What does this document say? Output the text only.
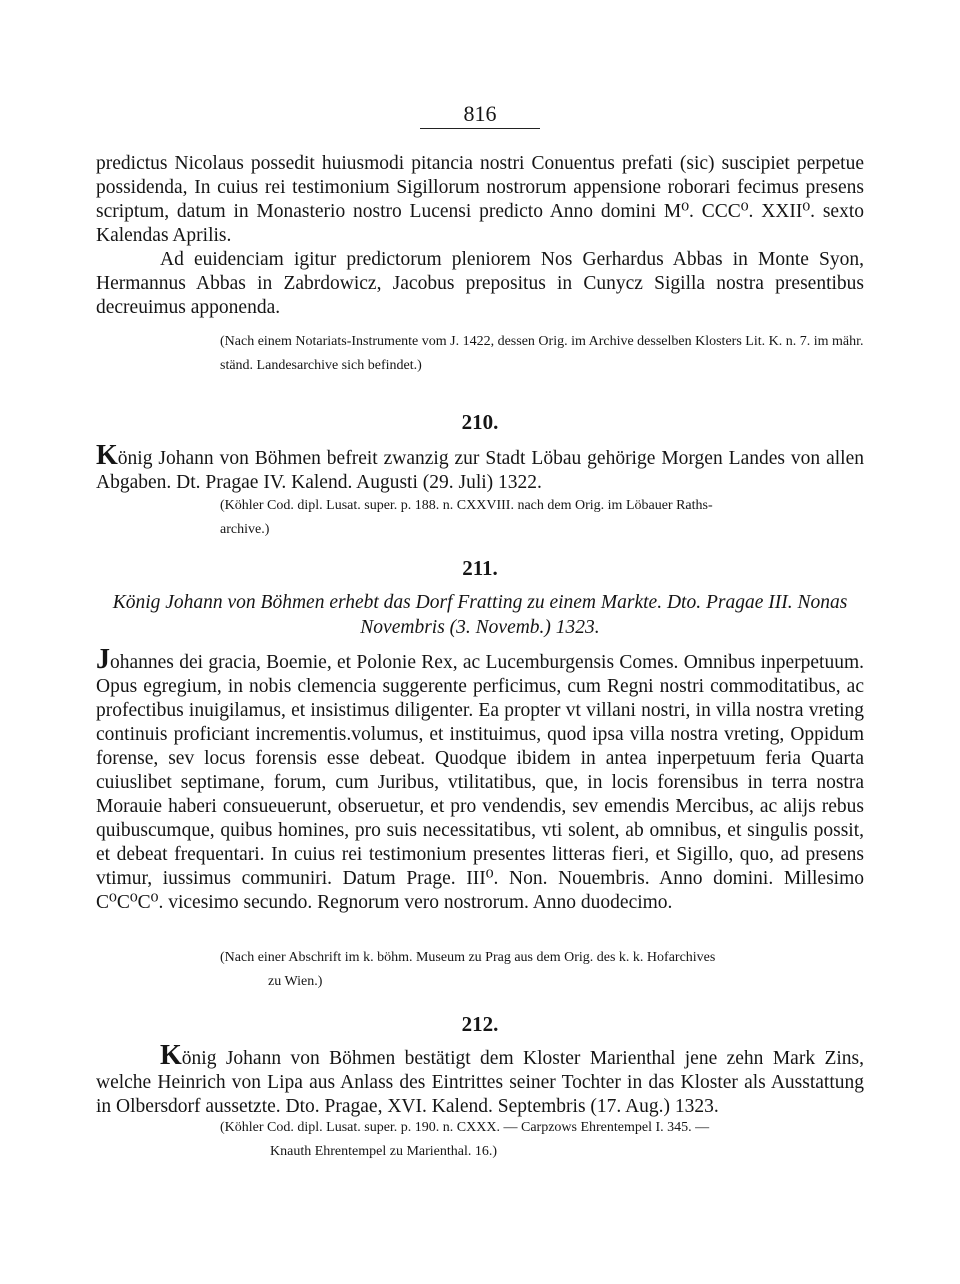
816

predictus Nicolaus possedit huiusmodi pitancia nostri Conuentus prefati (sic) suscipiet perpetue possidenda, In cuius rei testimonium Sigillorum nostrorum appensione roborari fecimus presens scriptum, datum in Monasterio nostro Lucensi predicto Anno domini M⁰. CCC⁰. XXII⁰. sexto Kalendas Aprilis.

Ad euidenciam igitur predictorum pleniorem Nos Gerhardus Abbas in Monte Syon, Hermannus Abbas in Zabrdowicz, Jacobus prepositus in Cunycz Sigilla nostra presentibus decreuimus apponenda.

(Nach einem Notariats-Instrumente vom J. 1422, dessen Orig. im Archive desselben Klosters Lit. K. n. 7. im mähr. ständ. Landesarchive sich befindet.)
210.
König Johann von Böhmen befreit zwanzig zur Stadt Löbau gehörige Morgen Landes von allen Abgaben. Dt. Pragae IV. Kalend. Augusti (29. Juli) 1322.
(Köhler Cod. dipl. Lusat. super. p. 188. n. CXXVIII. nach dem Orig. im Löbauer Raths-
archive.)
211.
König Johann von Böhmen erhebt das Dorf Fratting zu einem Markte. Dto. Pragae III. Nonas Novembris (3. Novemb.) 1323.

Johannes dei gracia, Boemie, et Polonie Rex, ac Lucemburgensis Comes. Omnibus inperpetuum. Opus egregium, in nobis clemencia suggerente perficimus, cum Regni nostri commoditatibus, ac profectibus inuigilamus, et insistimus diligenter. Ea propter vt villani nostri, in villa nostra vreting continuis proficiant incrementis.volumus, et instituimus, quod ipsa villa nostra vreting, Oppidum forense, sev locus forensis esse debeat. Quodque ibidem in antea inperpetuum feria Quarta cuiuslibet septimane, forum, cum Juribus, vtilitatibus, que, in locis forensibus in terra nostra Morauie haberi consueuerunt, obseruetur, et pro vendendis, sev emendis Mercibus, ac alijs rebus quibuscumque, quibus homines, pro suis necessitatibus, vti solent, ab omnibus, et singulis possit, et debeat frequentari. In cuius rei testimonium presentes litteras fieri, et Sigillo, quo, ad presens vtimur, iussimus communiri. Datum Prage. III⁰. Non. Nouembris. Anno domini. Millesimo C⁰C⁰C⁰. vicesimo secundo. Regnorum vero nostrorum. Anno duodecimo.

(Nach einer Abschrift im k. böhm. Museum zu Prag aus dem Orig. des k. k. Hofarchives
zu Wien.)
212.
König Johann von Böhmen bestätigt dem Kloster Marienthal jene zehn Mark Zins, welche Heinrich von Lipa aus Anlass des Eintrittes seiner Tochter in das Kloster als Ausstattung in Olbersdorf aussetzte. Dto. Pragae, XVI. Kalend. Septembris (17. Aug.) 1323.
(Köhler Cod. dipl. Lusat. super. p. 190. n. CXXX. — Carpzows Ehrentempel I. 345. —
Knauth Ehrentempel zu Marienthal. 16.)
